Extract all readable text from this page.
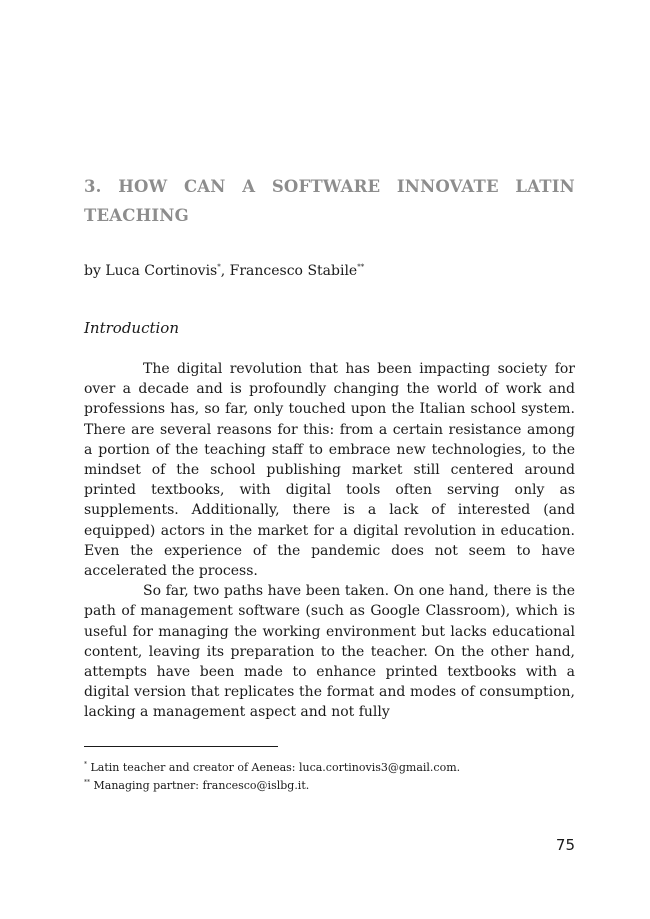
3. HOW CAN A SOFTWARE INNOVATE LATIN
TEACHING
by Luca Cortinovis*, Francesco Stabile**
Introduction

The digital revolution that has been impacting society for over a decade and is profoundly changing the world of work and professions has, so far, only touched upon the Italian school system. There are several reasons for this: from a certain resistance among a portion of the teaching staff to embrace new technologies, to the mindset of the school publishing market still centered around printed textbooks, with digital tools often serving only as supplements. Additionally, there is a lack of interested (and equipped) actors in the market for a digital revolution in education. Even the experience of the pandemic does not seem to have accelerated the process.

So far, two paths have been taken. On one hand, there is the path of management software (such as Google Classroom), which is useful for managing the working environment but lacks educational content, leaving its preparation to the teacher. On the other hand, attempts have been made to enhance printed textbooks with a digital version that replicates the format and modes of consumption, lacking a management aspect and not fully

* Latin teacher and creator of Aeneas: luca.cortinovis3@gmail.com.
** Managing partner: francesco@islbg.it.
75
